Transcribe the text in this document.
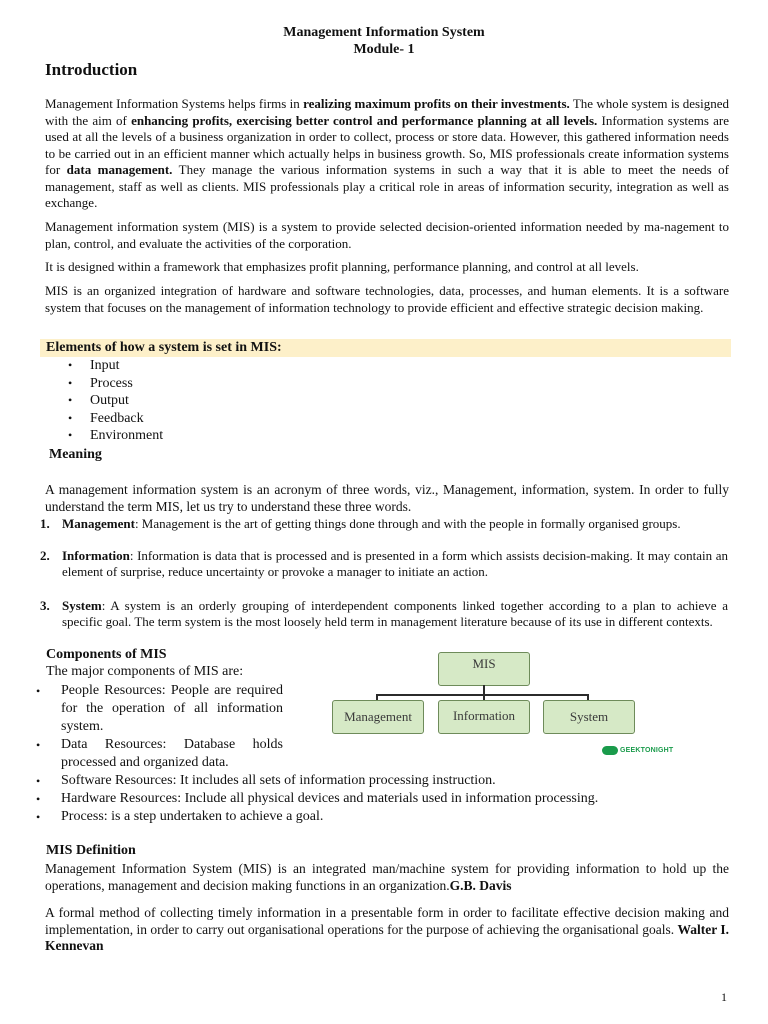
Management Information System
Module- 1
Introduction

Management Information Systems helps firms in realizing maximum profits on their investments. The whole system is designed with the aim of enhancing profits, exercising better control and performance planning at all levels. Information systems are used at all the levels of a business organization in order to collect, process or store data. However, this gathered information needs to be carried out in an efficient manner which actually helps in business growth. So, MIS professionals create information systems for data management. They manage the various information systems in such a way that it is able to meet the needs of management, staff as well as clients. MIS professionals play a critical role in areas of information security, integration as well as exchange.

Management information system (MIS) is a system to provide selected decision-oriented information needed by ma-nagement to plan, control, and evaluate the activities of the corporation.

It is designed within a framework that emphasizes profit planning, performance planning, and control at all levels.

MIS is an organized integration of hardware and software technologies, data, processes, and human elements. It is a software system that focuses on the management of information technology to provide efficient and effective strategic decision making.

Elements of how a system is set in MIS:
• Input
• Process
• Output
• Feedback
• Environment
Meaning

A management information system is an acronym of three words, viz., Management, information, system. In order to fully understand the term MIS, let us try to understand these three words.

1. Management: Management is the art of getting things done through and with the people in formally organised groups.
2. Information: Information is data that is processed and is presented in a form which assists decision-making. It may contain an element of surprise, reduce uncertainty or provoke a manager to initiate an action.
3. System: A system is an orderly grouping of interdependent components linked together according to a plan to achieve a specific goal. The term system is the most loosely held term in management literature because of its use in different contexts.
Components of MIS

The major components of MIS are:

• People Resources: People are required for the operation of all information system.
• Data Resources: Database holds processed and organized data.
• Software Resources: It includes all sets of information processing instruction.
• Hardware Resources: Include all physical devices and materials used in information processing.
• Process: is a step undertaken to achieve a goal.
MIS
Management	Information	System
GEEKTONIGHT
MIS Definition

Management Information System (MIS) is an integrated man/machine system for providing information to hold up the operations, management and decision making functions in an organization.G.B. Davis

A formal method of collecting timely information in a presentable form in order to facilitate effective decision making and implementation, in order to carry out organisational operations for the purpose of achieving the organisational goals. Walter I. Kennevan

1
